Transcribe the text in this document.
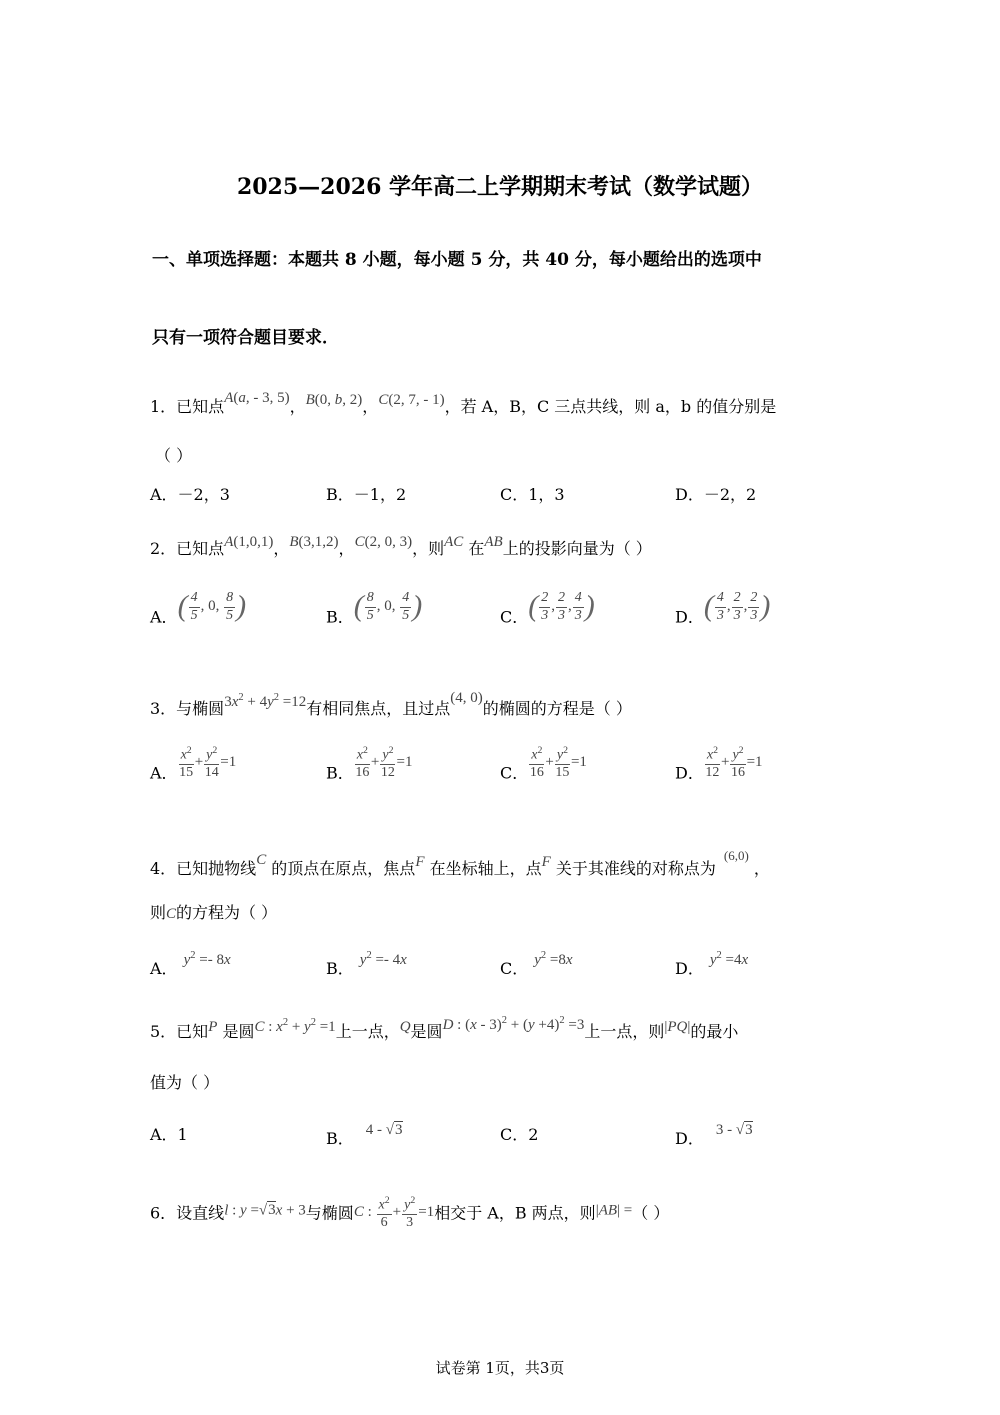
2025—2026 学年高二上学期期末考试（数学试题）
一、单项选择题：本题共 8 小题，每小题 5 分，共 40 分，每小题给出的选项中
只有一项符合题目要求．
1．已知点A(a, - 3, 5)，B(0, b, 2)，C(2, 7, - 1)，若 A，B，C 三点共线，则 a，b 的值分别是
（ ）
A．－2，3	B．－1，2	C．1，3	D．－2，2
2．已知点A(1,0,1)，B(3,1,2)，C(2, 0, 3)，则AC 在AB上的投影向量为（ ）
A．( $\frac{4}{5}$ , 0, $\frac{8}{5}$ )	B．( $\frac{8}{5}$ , 0, $\frac{4}{5}$ )	C．( $\frac{2}{3}$ , $\frac{2}{3}$ , $\frac{4}{3}$ )	D．( $\frac{4}{3}$ , $\frac{2}{3}$ , $\frac{2}{3}$ )
3．与椭圆$3x^2 + 4y^2 =12$有相同焦点，且过点(4, 0)的椭圆的方程是（ ）
A． $\frac{x^2}{15} + \frac{y^2}{14} =1$
B． $\frac{x^2}{16} + \frac{y^2}{12} =1$
C． $\frac{x^2}{16} + \frac{y^2}{15} =1$
D． $\frac{x^2}{12} + \frac{y^2}{16} =1$
4．已知抛物线C 的顶点在原点，焦点F 在坐标轴上，点F 关于其准线的对称点为$^{(6,0)}$ ，
则C的方程为（ ）
A． $y^2 =- 8x$	B． $y^2 =- 4x$	C． $y^2 =8x$	D． $y^2 =4x$
5．已知P 是圆C : $x^2 + y^2 =1$上一点，Q是圆D : $(x - 3)^2 + (y +4)^2 =3$上一点，则|PQ|的最小
值为（ ）
A．1	B． 4 - √3	C．2	D． 3 - √3
6．设直线l : y =√3x + 3与椭圆C : $\frac{x^2}{6} + \frac{y^2}{3} =1$相交于 A，B 两点，则|AB| =（ ）
试卷第 1页，共3页
